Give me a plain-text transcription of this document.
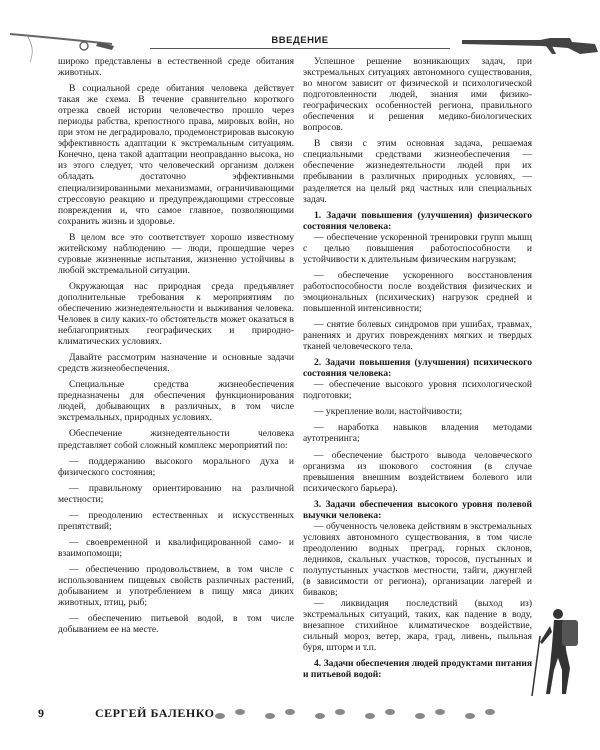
ВВЕДЕНИЕ

широко представлены в естественной среде обитания животных.

В социальной среде обитания человека действует такая же схема. В течение сравнительно короткого отрезка своей истории человечество прошло через периоды рабства, крепостного права, мировых войн, но при этом не деградировало, продемонстрировав высокую эффективность адаптации к экстремальным ситуациям. Конечно, цена такой адаптации неоправданно высока, но из этого следует, что человеческий организм должен обладать достаточно эффективными специализированными механизмами, ограничивающими стрессовую реакцию и предупреждающими стрессовые повреждения и, что самое главное, позволяющими сохранить жизнь и здоровье.

В целом все это соответствует хорошо известному житейскому наблюдению — люди, прошедшие через суровые жизненные испытания, жизненно устойчивы в любой экстремальной ситуации.

Окружающая нас природная среда предъявляет дополнительные требования к мероприятиям по обеспечению жизнедеятельности и выживания человека. Человек в силу каких-то обстоятельств может оказаться в неблагоприятных географических и природно-климатических условиях.

Давайте рассмотрим назначение и основные задачи средств жизнеобеспечения.

Специальные средства жизнеобеспечения предназначены для обеспечения функционирования людей, добывающих в различных, в том числе экстремальных, природных условиях.

Обеспечение жизнедеятельности человека представляет собой сложный комплекс мероприятий по:

— поддержанию высокого морального духа и физического состояния;

— правильному ориентированию на различной местности;

— преодолению естественных и искусственных препятствий;

— своевременной и квалифицированной само- и взаимопомощи;

— обеспечению продовольствием, в том числе с использованием пищевых свойств различных растений, добыванием и употреблением в пищу мяса диких животных, птиц, рыб;

— обеспечению питьевой водой, в том числе добыванием ее на месте.

Успешное решение возникающих задач, при экстремальных ситуациях автономного существования, во многом зависит от физической и психологической подготовленности людей, знания ими физико-географических особенностей региона, правильного обеспечения и решения медико-биологических вопросов.

В связи с этим основная задача, решаемая специальными средствами жизнеобеспечения — обеспечение жизнедеятельности людей при их пребывании в различных природных условиях, — разделяется на целый ряд частных или специальных задач.

1. Задачи повышения (улучшения) физического состояния человека:

— обеспечение ускоренной тренировки групп мышц с целью повышения работоспособности и устойчивости к длительным физическим нагрузкам;

— обеспечение ускоренного восстановления работоспособности после воздействия физических и эмоциональных (психических) нагрузок средней и повышенной интенсивности;

— снятие болевых синдромов при ушибах, травмах, ранениях и других повреждениях мягких и твердых тканей человеческого тела.

2. Задачи повышения (улучшения) психического состояния человека:

— обеспечение высокого уровня психологической подготовки;

— укрепление воли, настойчивости;

— наработка навыков владения методами аутотренинга;

— обеспечение быстрого вывода человеческого организма из шокового состояния (в случае превышения внешним воздействием болевого или психического барьера).

3. Задачи обеспечения высокого уровня полевой выучки человека:

— обученность человека действиям в экстремальных условиях автономного существования, в том числе преодолению водных преград, горных склонов, ледников, скальных участков, торосов, пустынных и полупустынных участков местности, тайги, джунглей (в зависимости от региона), организации лагерей и биваков;

— ликвидация последствий (выход из) экстремальных ситуаций, таких, как падение в воду, внезапное стихийное климатическое воздействие, сильный мороз, ветер, жара, град, ливень, пыльная буря, шторм и т.п.

4. Задачи обеспечения людей продуктами питания и питьевой водой:

9	СЕРГЕЙ БАЛЕНКО
